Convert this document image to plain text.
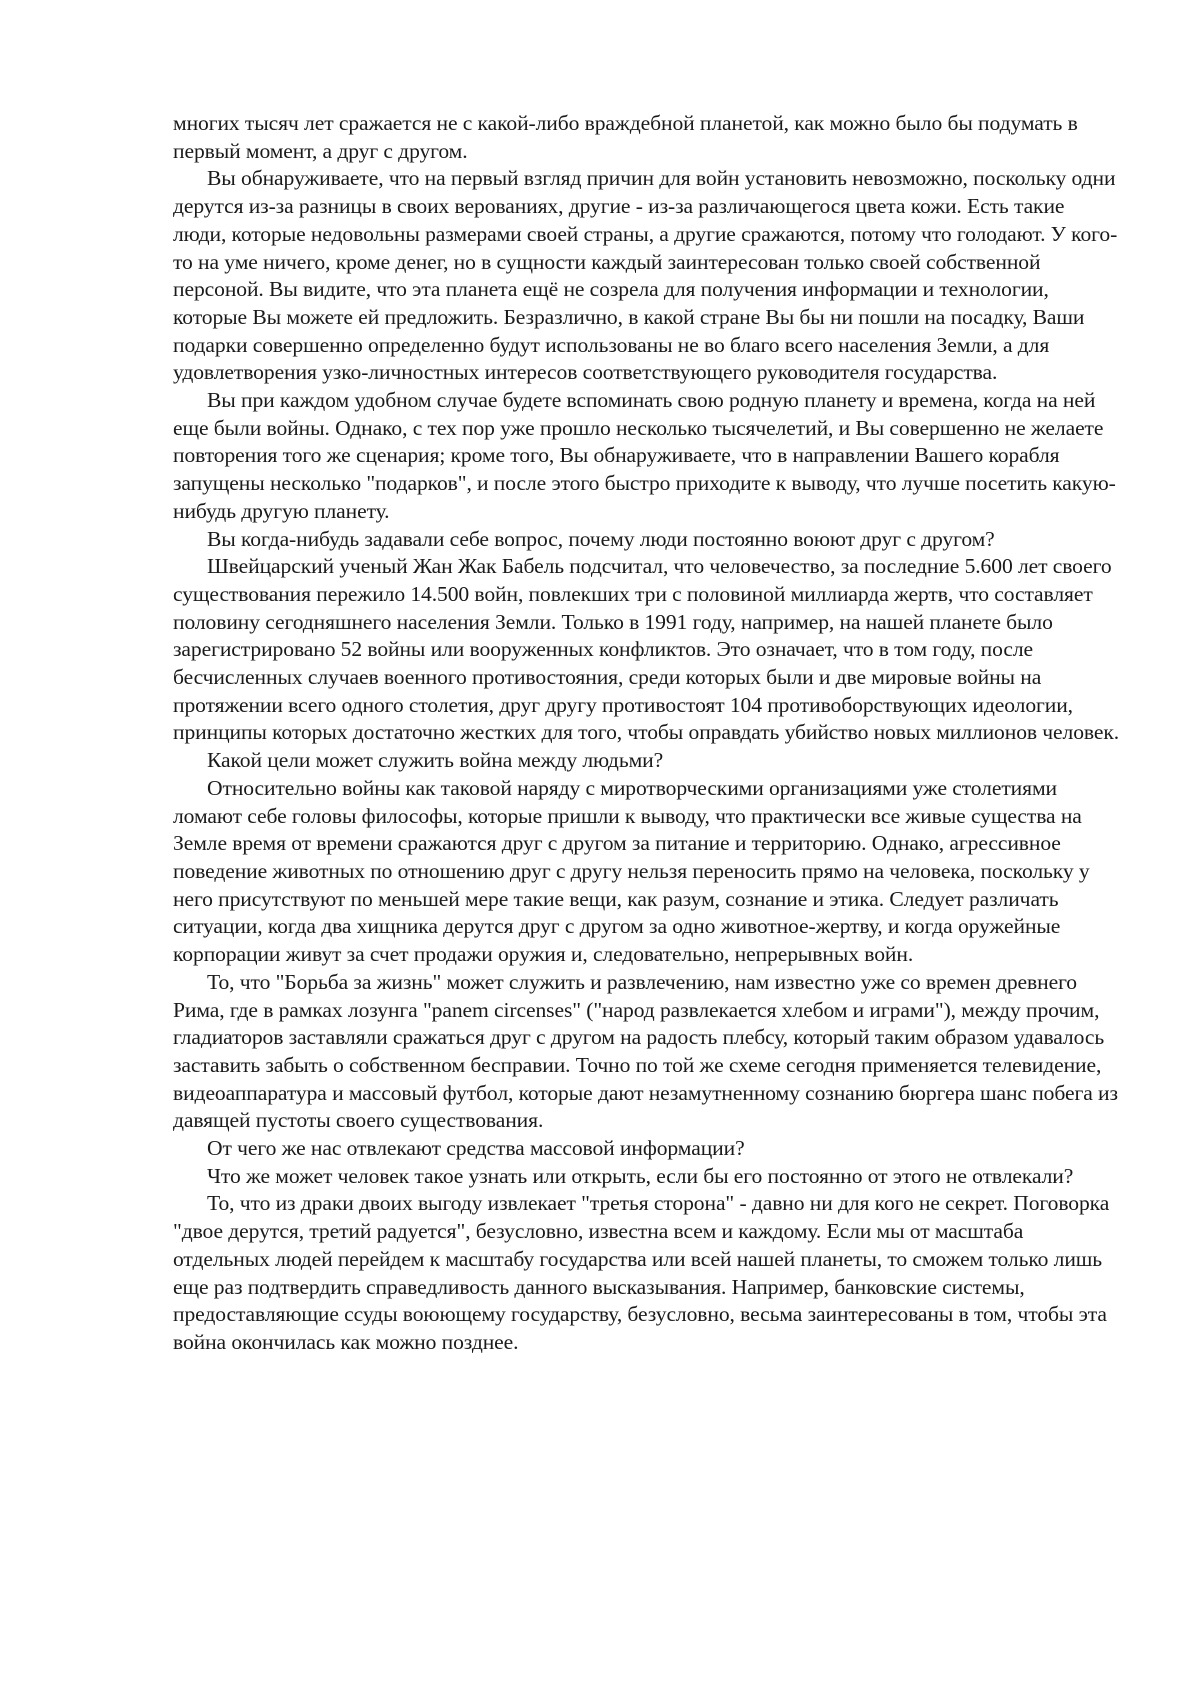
многих тысяч лет сражается не с какой-либо враждебной планетой, как можно было бы подумать в первый момент, а друг с другом.

Вы обнаруживаете, что на первый взгляд причин для войн установить невозможно, поскольку одни дерутся из-за разницы в своих верованиях, другие - из-за различающегося цвета кожи. Есть такие люди, которые недовольны размерами своей страны, а другие сражаются, потому что голодают. У кого-то на уме ничего, кроме денег, но в сущности каждый заинтересован только своей собственной персоной. Вы видите, что эта планета ещё не созрела для получения информации и технологии, которые Вы можете ей предложить. Безразлично, в какой стране Вы бы ни пошли на посадку, Ваши подарки совершенно определенно будут использованы не во благо всего населения Земли, а для удовлетворения узко-личностных интересов соответствующего руководителя государства.

Вы при каждом удобном случае будете вспоминать свою родную планету и времена, когда на ней еще были войны. Однако, с тех пор уже прошло несколько тысячелетий, и Вы совершенно не желаете повторения того же сценария; кроме того, Вы обнаруживаете, что в направлении Вашего корабля запущены несколько "подарков", и после этого быстро приходите к выводу, что лучше посетить какую-нибудь другую планету.

Вы когда-нибудь задавали себе вопрос, почему люди постоянно воюют друг с другом?

Швейцарский ученый Жан Жак Бабель подсчитал, что человечество, за последние 5.600 лет своего существования пережило 14.500 войн, повлекших три с половиной миллиарда жертв, что составляет половину сегодняшнего населения Земли. Только в 1991 году, например, на нашей планете было зарегистрировано 52 войны или вооруженных конфликтов. Это означает, что в том году, после бесчисленных случаев военного противостояния, среди которых были и две мировые войны на протяжении всего одного столетия, друг другу противостоят 104 противоборствующих идеологии, принципы которых достаточно жестких для того, чтобы оправдать убийство новых миллионов человек.

Какой цели может служить война между людьми?

Относительно войны как таковой наряду с миротворческими организациями уже столетиями ломают себе головы философы, которые пришли к выводу, что практически все живые существа на Земле время от времени сражаются друг с другом за питание и территорию. Однако, агрессивное поведение животных по отношению друг с другу нельзя переносить прямо на человека, поскольку у него присутствуют по меньшей мере такие вещи, как разум, сознание и этика. Следует различать ситуации, когда два хищника дерутся друг с другом за одно животное-жертву, и когда оружейные корпорации живут за счет продажи оружия и, следовательно, непрерывных войн.

То, что "Борьба за жизнь" может служить и развлечению, нам известно уже со времен древнего Рима, где в рамках лозунга "panem circenses" ("народ развлекается хлебом и играми"), между прочим, гладиаторов заставляли сражаться друг с другом на радость плебсу, который таким образом удавалось заставить забыть о собственном бесправии. Точно по той же схеме сегодня применяется телевидение, видеоаппаратура и массовый футбол, которые дают незамутненному сознанию бюргера шанс побега из давящей пустоты своего существования.

От чего же нас отвлекают средства массовой информации?

Что же может человек такое узнать или открыть, если бы его постоянно от этого не отвлекали?

То, что из драки двоих выгоду извлекает "третья сторона" - давно ни для кого не секрет. Поговорка "двое дерутся, третий радуется", безусловно, известна всем и каждому. Если мы от масштаба отдельных людей перейдем к масштабу государства или всей нашей планеты, то сможем только лишь еще раз подтвердить справедливость данного высказывания. Например, банковские системы, предоставляющие ссуды воюющему государству, безусловно, весьма заинтересованы в том, чтобы эта война окончилась как можно позднее.
